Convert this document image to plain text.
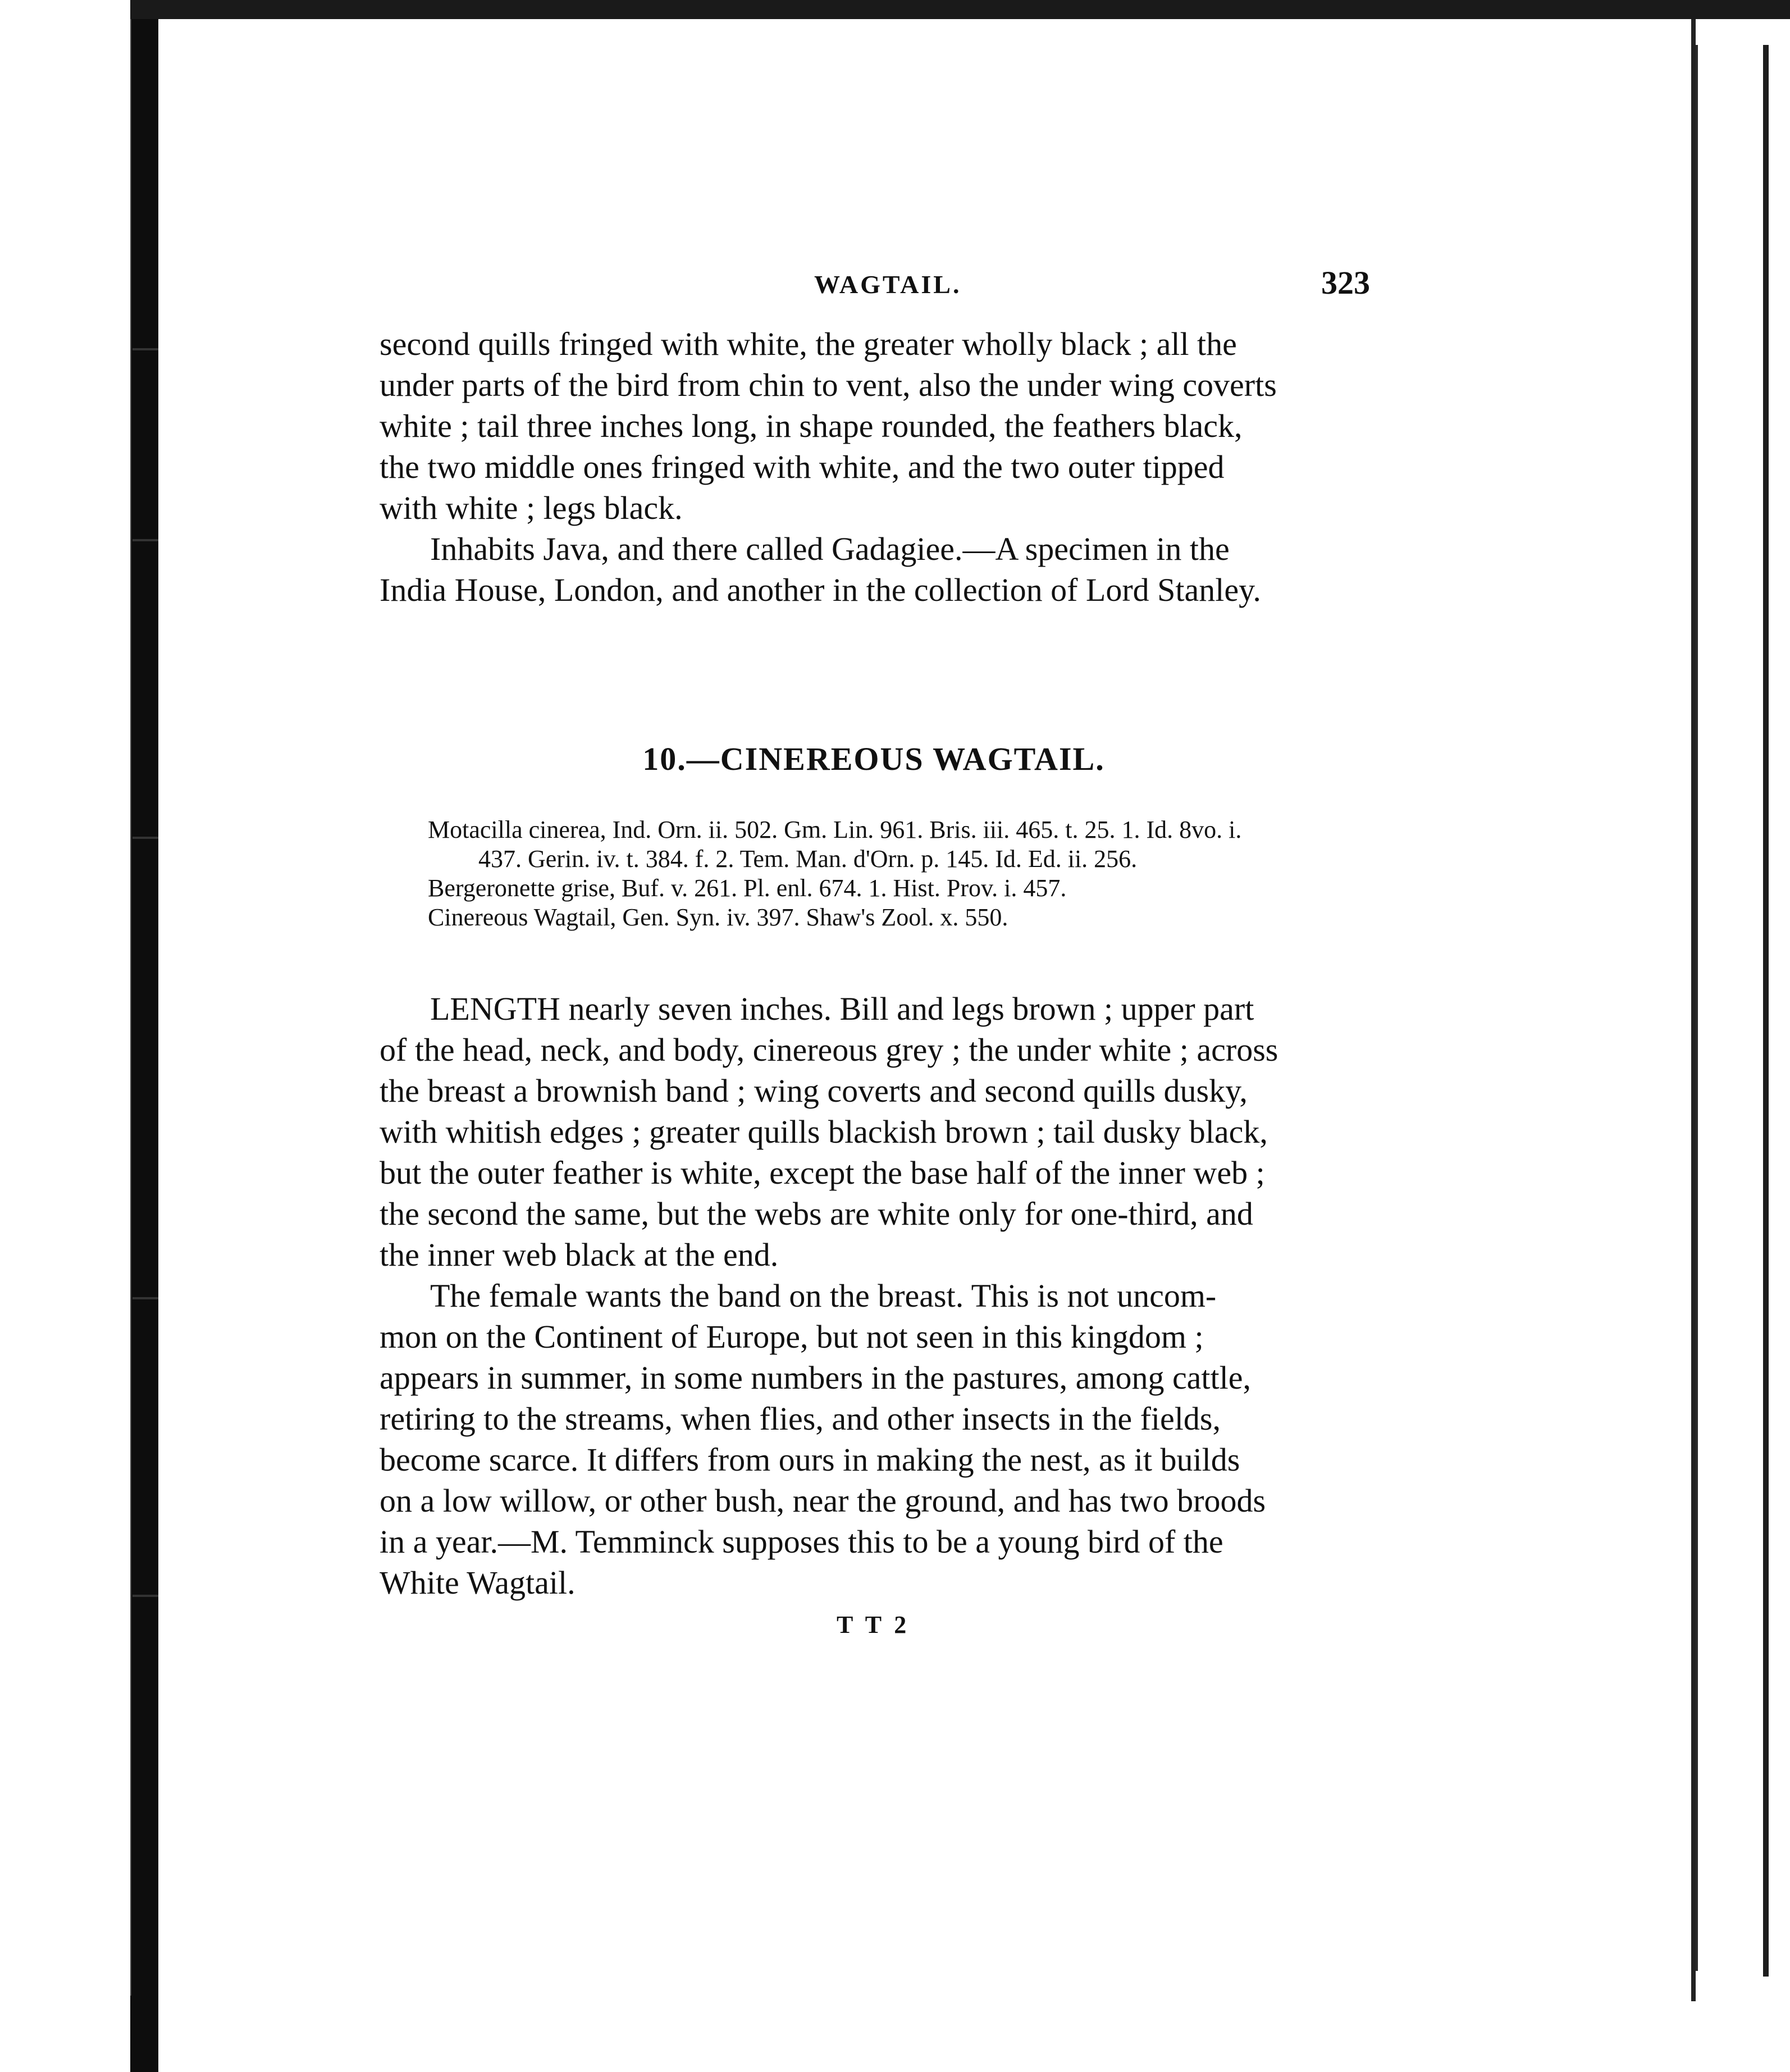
WAGTAIL.	323
second quills fringed with white, the greater wholly black ; all the
under parts of the bird from chin to vent, also the under wing coverts
white ; tail three inches long, in shape rounded, the feathers black,
the two middle ones fringed with white, and the two outer tipped
with white ; legs black.
Inhabits Java, and there called Gadagiee.—A specimen in the
India House, London, and another in the collection of Lord Stanley.
10.—CINEREOUS WAGTAIL.
Motacilla cinerea, Ind. Orn. ii. 502. Gm. Lin. 961. Bris. iii. 465. t. 25. 1. Id. 8vo. i.
437. Gerin. iv. t. 384. f. 2. Tem. Man. d'Orn. p. 145. Id. Ed. ii. 256.
Bergeronette grise, Buf. v. 261. Pl. enl. 674. 1. Hist. Prov. i. 457.
Cinereous Wagtail, Gen. Syn. iv. 397. Shaw's Zool. x. 550.
LENGTH nearly seven inches. Bill and legs brown ; upper part
of the head, neck, and body, cinereous grey ; the under white ; across
the breast a brownish band ; wing coverts and second quills dusky,
with whitish edges ; greater quills blackish brown ; tail dusky black,
but the outer feather is white, except the base half of the inner web ;
the second the same, but the webs are white only for one-third, and
the inner web black at the end.
The female wants the band on the breast. This is not uncom-
mon on the Continent of Europe, but not seen in this kingdom ;
appears in summer, in some numbers in the pastures, among cattle,
retiring to the streams, when flies, and other insects in the fields,
become scarce. It differs from ours in making the nest, as it builds
on a low willow, or other bush, near the ground, and has two broods
in a year.—M. Temminck supposes this to be a young bird of the
White Wagtail.
T T 2
